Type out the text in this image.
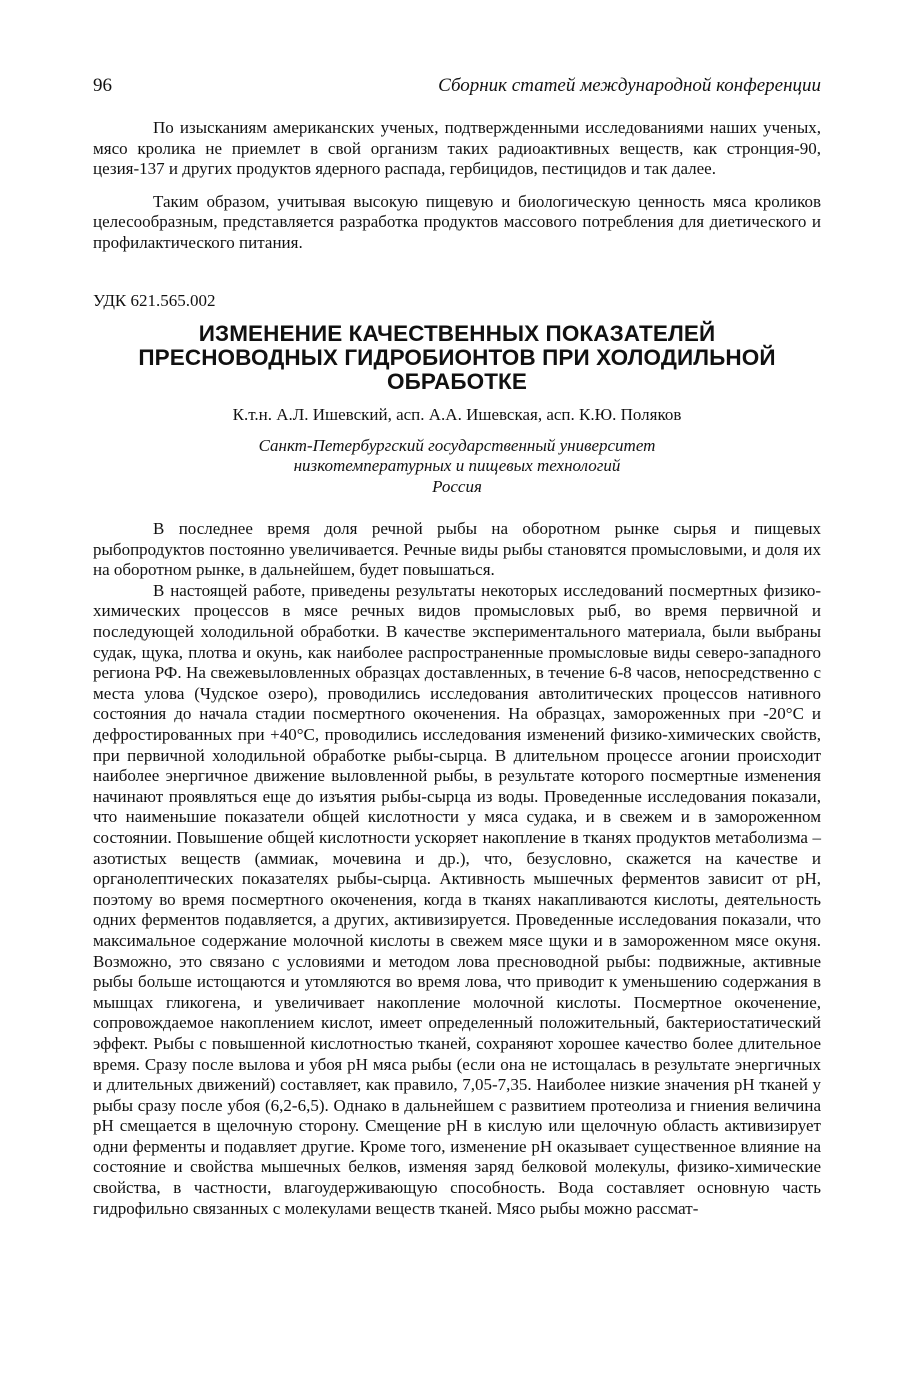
96	Сборник статей международной конференции

По изысканиям американских ученых, подтвержденными исследованиями наших ученых, мясо кролика не приемлет в свой организм таких радиоактивных веществ, как стронция-90, цезия-137 и других продуктов ядерного распада, гербицидов, пестицидов и так далее.

Таким образом, учитывая высокую пищевую и биологическую ценность мяса кроликов целесообразным, представляется разработка продуктов массового потребления для диетического и профилактического питания.

УДК 621.565.002
ИЗМЕНЕНИЕ КАЧЕСТВЕННЫХ ПОКАЗАТЕЛЕЙ
ПРЕСНОВОДНЫХ ГИДРОБИОНТОВ ПРИ ХОЛОДИЛЬНОЙ
ОБРАБОТКЕ
К.т.н. А.Л. Ишевский, асп. А.А. Ишевская, асп. К.Ю. Поляков
Санкт-Петербургский государственный университет
низкотемпературных и пищевых технологий
Россия

В последнее время доля речной рыбы на оборотном рынке сырья и пищевых рыбопродуктов постоянно увеличивается. Речные виды рыбы становятся промысловыми, и доля их на оборотном рынке, в дальнейшем, будет повышаться.

В настоящей работе, приведены результаты некоторых исследований посмертных физико-химических процессов в мясе речных видов промысловых рыб, во время первичной и последующей холодильной обработки. В качестве экспериментального материала, были выбраны судак, щука, плотва и окунь, как наиболее распространенные промысловые виды северо-западного региона РФ. На свежевыловленных образцах доставленных, в течение 6-8 часов, непосредственно с места улова (Чудское озеро), проводились исследования автолитических процессов нативного состояния до начала стадии посмертного окоченения. На образцах, замороженных при -20°С и дефростированных при +40°С, проводились исследования изменений физико-химических свойств, при первичной холодильной обработке рыбы-сырца. В длительном процессе агонии происходит наиболее энергичное движение выловленной рыбы, в результате которого посмертные изменения начинают проявляться еще до изъятия рыбы-сырца из воды. Проведенные исследования показали, что наименьшие показатели общей кислотности у мяса судака, и в свежем и в замороженном состоянии. Повышение общей кислотности ускоряет накопление в тканях продуктов метаболизма – азотистых веществ (аммиак, мочевина и др.), что, безусловно, скажется на качестве и органолептических показателях рыбы-сырца. Активность мышечных ферментов зависит от рН, поэтому во время посмертного окоченения, когда в тканях накапливаются кислоты, деятельность одних ферментов подавляется, а других, активизируется. Проведенные исследования показали, что максимальное содержание молочной кислоты в свежем мясе щуки и в замороженном мясе окуня. Возможно, это связано с условиями и методом лова пресноводной рыбы: подвижные, активные рыбы больше истощаются и утомляются во время лова, что приводит к уменьшению содержания в мышцах гликогена, и увеличивает накопление молочной кислоты. Посмертное окоченение, сопровождаемое накоплением кислот, имеет определенный положительный, бактериостатический эффект. Рыбы с повышенной кислотностью тканей, сохраняют хорошее качество более длительное время. Сразу после вылова и убоя рН мяса рыбы (если она не истощалась в результате энергичных и длительных движений) составляет, как правило, 7,05-7,35. Наиболее низкие значения рН тканей у рыбы сразу после убоя (6,2-6,5). Однако в дальнейшем с развитием протеолиза и гниения величина рН смещается в щелочную сторону. Смещение рН в кислую или щелочную область активизирует одни ферменты и подавляет другие. Кроме того, изменение рН оказывает существенное влияние на состояние и свойства мышечных белков, изменяя заряд белковой молекулы, физико-химические свойства, в частности, влагоудерживающую способность. Вода составляет основную часть гидрофильно связанных с молекулами веществ тканей. Мясо рыбы можно рассмат-
